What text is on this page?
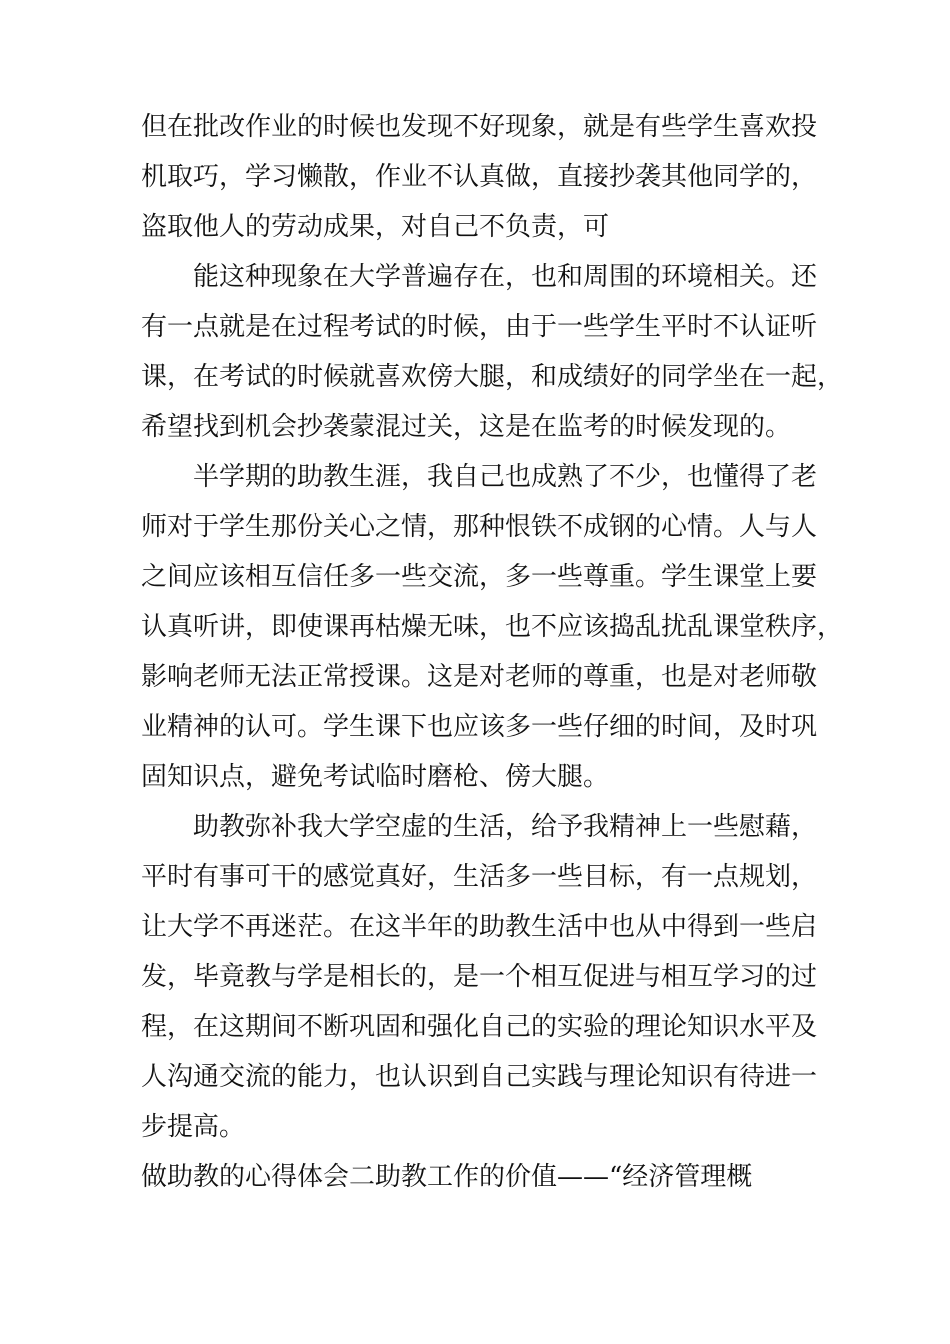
但在批改作业的时候也发现不好现象，就是有些学生喜欢投
机取巧，学习懒散，作业不认真做，直接抄袭其他同学的，
盗取他人的劳动成果，对自己不负责，可
能这种现象在大学普遍存在，也和周围的环境相关。还
有一点就是在过程考试的时候，由于一些学生平时不认证听
课，在考试的时候就喜欢傍大腿，和成绩好的同学坐在一起，
希望找到机会抄袭蒙混过关，这是在监考的时候发现的。
半学期的助教生涯，我自己也成熟了不少，也懂得了老
师对于学生那份关心之情，那种恨铁不成钢的心情。人与人
之间应该相互信任多一些交流，多一些尊重。学生课堂上要
认真听讲，即使课再枯燥无味，也不应该捣乱扰乱课堂秩序，
影响老师无法正常授课。这是对老师的尊重，也是对老师敬
业精神的认可。学生课下也应该多一些仔细的时间，及时巩
固知识点，避免考试临时磨枪、傍大腿。
助教弥补我大学空虚的生活，给予我精神上一些慰藉，
平时有事可干的感觉真好，生活多一些目标，有一点规划，
让大学不再迷茫。在这半年的助教生活中也从中得到一些启
发，毕竟教与学是相长的，是一个相互促进与相互学习的过
程，在这期间不断巩固和强化自己的实验的理论知识水平及
人沟通交流的能力，也认识到自己实践与理论知识有待进一
步提高。
做助教的心得体会二助教工作的价值——“经济管理概
